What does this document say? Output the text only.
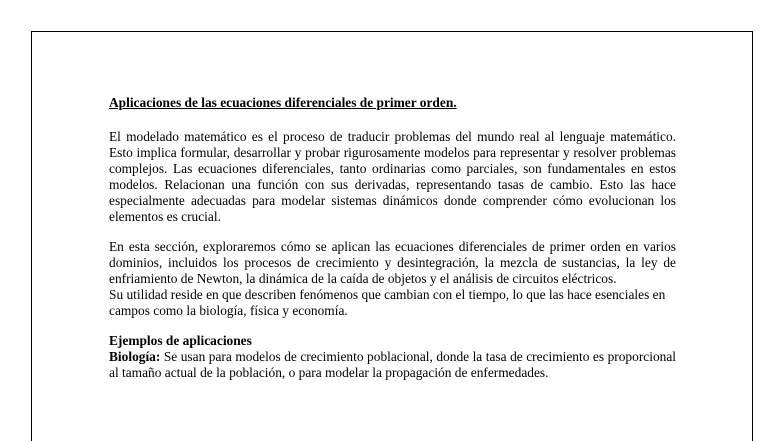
Aplicaciones de las ecuaciones diferenciales de primer orden.

El modelado matemático es el proceso de traducir problemas del mundo real al lenguaje matemático. Esto implica formular, desarrollar y probar rigurosamente modelos para representar y resolver problemas complejos. Las ecuaciones diferenciales, tanto ordinarias como parciales, son fundamentales en estos modelos. Relacionan una función con sus derivadas, representando tasas de cambio. Esto las hace especialmente adecuadas para modelar sistemas dinámicos donde comprender cómo evolucionan los elementos es crucial.

En esta sección, exploraremos cómo se aplican las ecuaciones diferenciales de primer orden en varios dominios, incluidos los procesos de crecimiento y desintegración, la mezcla de sustancias, la ley de enfriamiento de Newton, la dinámica de la caída de objetos y el análisis de circuitos eléctricos.

Su utilidad reside en que describen fenómenos que cambian con el tiempo, lo que las hace esenciales en campos como la biología, física y economía.

Ejemplos de aplicaciones

Biología: Se usan para modelos de crecimiento poblacional, donde la tasa de crecimiento es proporcional al tamaño actual de la población, o para modelar la propagación de enfermedades.
